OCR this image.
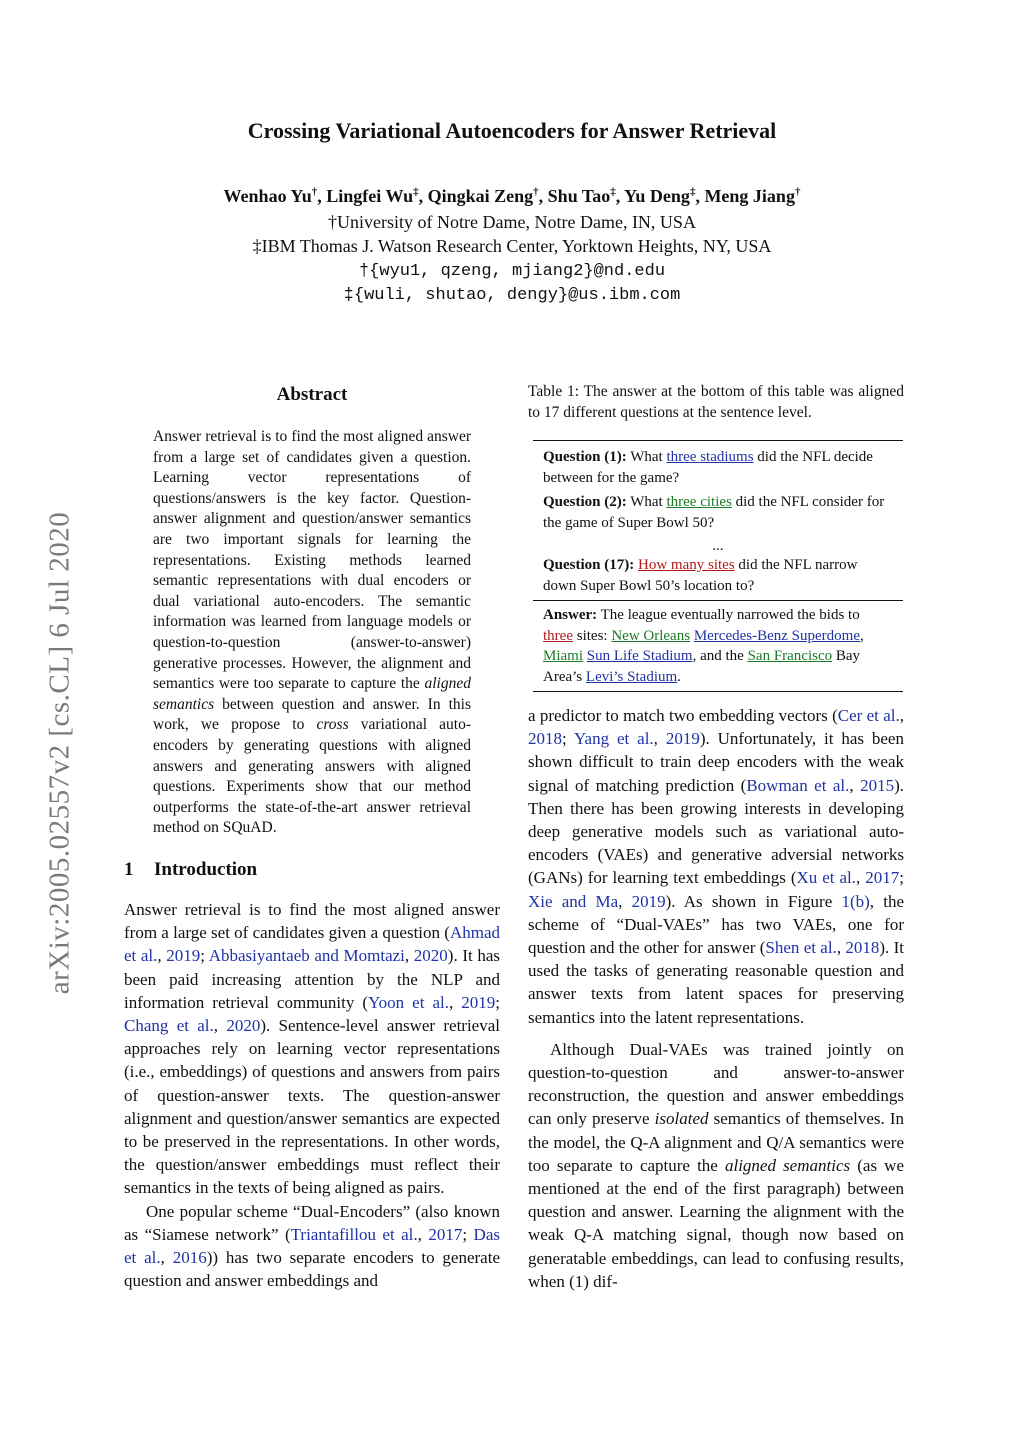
Crossing Variational Autoencoders for Answer Retrieval
Wenhao Yu†, Lingfei Wu‡, Qingkai Zeng†, Shu Tao‡, Yu Deng‡, Meng Jiang†
†University of Notre Dame, Notre Dame, IN, USA
‡IBM Thomas J. Watson Research Center, Yorktown Heights, NY, USA
†{wyu1, qzeng, mjiang2}@nd.edu
‡{wuli, shutao, dengy}@us.ibm.com
arXiv:2005.02557v2 [cs.CL] 6 Jul 2020
Abstract
Answer retrieval is to find the most aligned answer from a large set of candidates given a question. Learning vector representations of questions/answers is the key factor. Question-answer alignment and question/answer semantics are two important signals for learning the representations. Existing methods learned semantic representations with dual encoders or dual variational auto-encoders. The semantic information was learned from language models or question-to-question (answer-to-answer) generative processes. However, the alignment and semantics were too separate to capture the aligned semantics between question and answer. In this work, we propose to cross variational auto-encoders by generating questions with aligned answers and generating answers with aligned questions. Experiments show that our method outperforms the state-of-the-art answer retrieval method on SQuAD.
1 Introduction

Answer retrieval is to find the most aligned answer from a large set of candidates given a question (Ahmad et al., 2019; Abbasiyantaeb and Momtazi, 2020). It has been paid increasing attention by the NLP and information retrieval community (Yoon et al., 2019; Chang et al., 2020). Sentence-level answer retrieval approaches rely on learning vector representations (i.e., embeddings) of questions and answers from pairs of question-answer texts. The question-answer alignment and question/answer semantics are expected to be preserved in the representations. In other words, the question/answer embeddings must reflect their semantics in the texts of being aligned as pairs.

One popular scheme “Dual-Encoders” (also known as “Siamese network” (Triantafillou et al., 2017; Das et al., 2016)) has two separate encoders to generate question and answer embeddings and

Table 1: The answer at the bottom of this table was aligned to 17 different questions at the sentence level.
Question (1): What three stadiums did the NFL decide between for the game?
Question (2): What three cities did the NFL consider for the game of Super Bowl 50?
...
Question (17): How many sites did the NFL narrow down Super Bowl 50’s location to?
Answer: The league eventually narrowed the bids to three sites: New Orleans Mercedes-Benz Superdome, Miami Sun Life Stadium, and the San Francisco Bay Area’s Levi’s Stadium.

a predictor to match two embedding vectors (Cer et al., 2018; Yang et al., 2019). Unfortunately, it has been shown difficult to train deep encoders with the weak signal of matching prediction (Bowman et al., 2015). Then there has been growing interests in developing deep generative models such as variational auto-encoders (VAEs) and generative adversial networks (GANs) for learning text embeddings (Xu et al., 2017; Xie and Ma, 2019). As shown in Figure 1(b), the scheme of “Dual-VAEs” has two VAEs, one for question and the other for answer (Shen et al., 2018). It used the tasks of generating reasonable question and answer texts from latent spaces for preserving semantics into the latent representations.

Although Dual-VAEs was trained jointly on question-to-question and answer-to-answer reconstruction, the question and answer embeddings can only preserve isolated semantics of themselves. In the model, the Q-A alignment and Q/A semantics were too separate to capture the aligned semantics (as we mentioned at the end of the first paragraph) between question and answer. Learning the alignment with the weak Q-A matching signal, though now based on generatable embeddings, can lead to confusing results, when (1) dif-
